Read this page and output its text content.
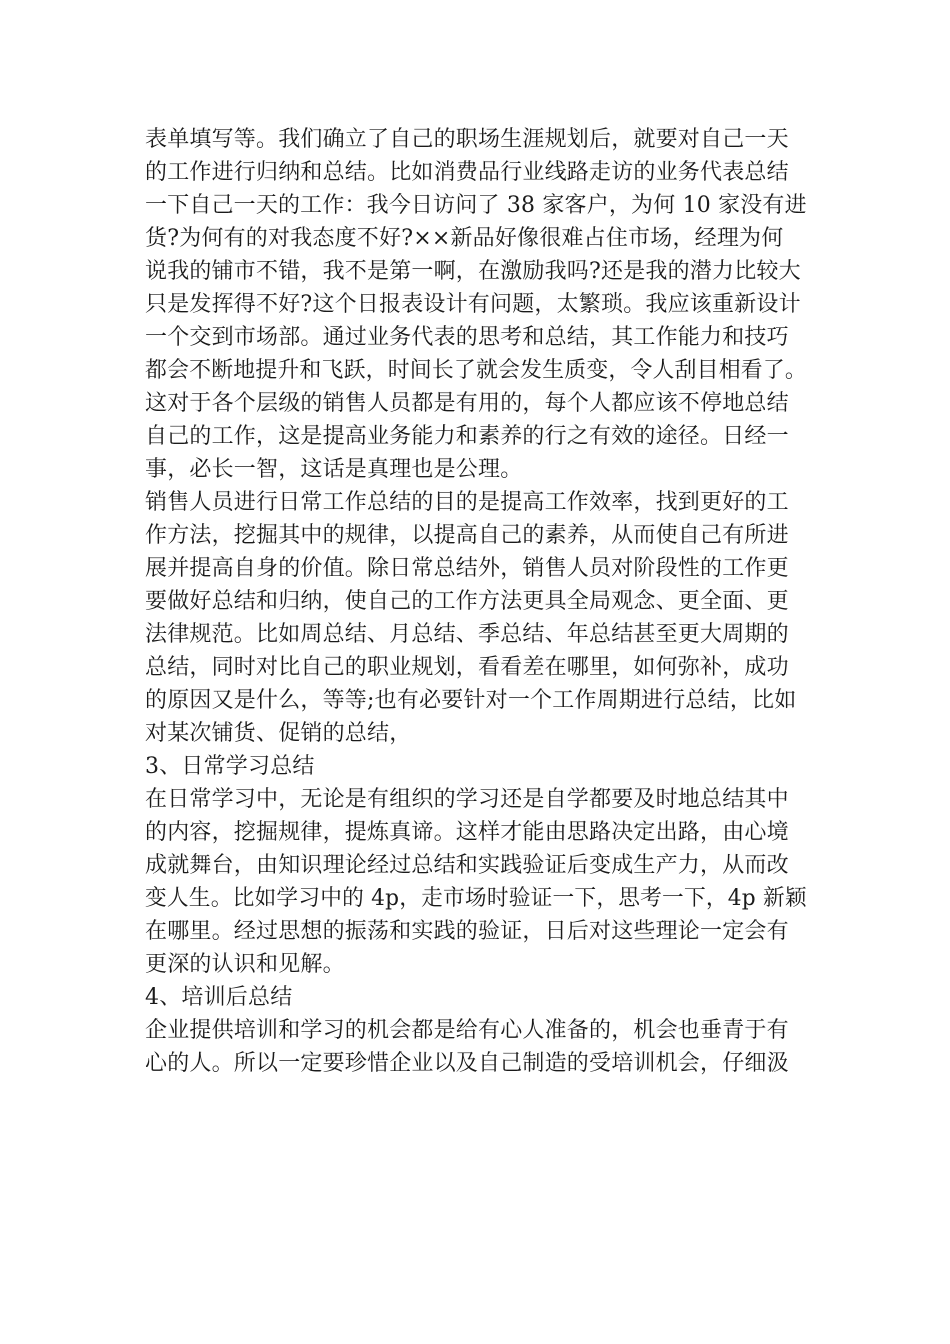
表单填写等。我们确立了自己的职场生涯规划后，就要对自己一天
的工作进行归纳和总结。比如消费品行业线路走访的业务代表总结
一下自己一天的工作：我今日访问了 38 家客户，为何 10 家没有进
货?为何有的对我态度不好?××新品好像很难占住市场，经理为何
说我的铺市不错，我不是第一啊，在激励我吗?还是我的潜力比较大
只是发挥得不好?这个日报表设计有问题，太繁琐。我应该重新设计
一个交到市场部。通过业务代表的思考和总结，其工作能力和技巧
都会不断地提升和飞跃，时间长了就会发生质变，令人刮目相看了。
这对于各个层级的销售人员都是有用的，每个人都应该不停地总结
自己的工作，这是提高业务能力和素养的行之有效的途径。日经一
事，必长一智，这话是真理也是公理。
销售人员进行日常工作总结的目的是提高工作效率，找到更好的工
作方法，挖掘其中的规律，以提高自己的素养，从而使自己有所进
展并提高自身的价值。除日常总结外，销售人员对阶段性的工作更
要做好总结和归纳，使自己的工作方法更具全局观念、更全面、更
法律规范。比如周总结、月总结、季总结、年总结甚至更大周期的
总结，同时对比自己的职业规划，看看差在哪里，如何弥补，成功
的原因又是什么，等等;也有必要针对一个工作周期进行总结，比如
对某次铺货、促销的总结，
3、日常学习总结
在日常学习中，无论是有组织的学习还是自学都要及时地总结其中
的内容，挖掘规律，提炼真谛。这样才能由思路决定出路，由心境
成就舞台，由知识理论经过总结和实践验证后变成生产力，从而改
变人生。比如学习中的 4p，走市场时验证一下，思考一下，4p 新颖
在哪里。经过思想的振荡和实践的验证，日后对这些理论一定会有
更深的认识和见解。
4、培训后总结
企业提供培训和学习的机会都是给有心人准备的，机会也垂青于有
心的人。所以一定要珍惜企业以及自己制造的受培训机会，仔细汲
